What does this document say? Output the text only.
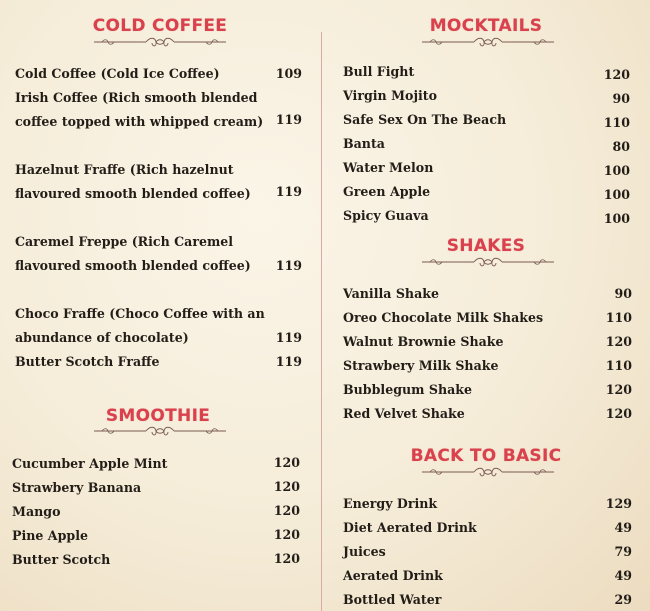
COLD COFFEE
Cold Coffee (Cold Ice Coffee)	109
Irish Coffee (Rich smooth blended
coffee topped with whipped cream) 119
Hazelnut Fraffe (Rich hazelnut
flavoured smooth blended coffee)	119
Caremel Freppe (Rich Caremel
flavoured smooth blended coffee)	119
Choco Fraffe (Choco Coffee with an
abundance of chocolate)	119
Butter Scotch Fraffe	119
SMOOTHIE
Cucumber Apple Mint	120
Strawbery Banana	120
Mango	120
Pine Apple	120
Butter Scotch	120
MOCKTAILS
Bull Fight	120
Virgin Mojito	90
Safe Sex On The Beach	110
Banta	80
Water Melon	100
Green Apple	100
Spicy Guava	100
SHAKES
Vanilla Shake	90
Oreo Chocolate Milk Shakes	110
Walnut Brownie Shake	120
Strawbery Milk Shake	110
Bubblegum Shake	120
Red Velvet Shake	120
BACK TO BASIC
Energy Drink	129
Diet Aerated Drink	49
Juices	79
Aerated Drink	49
Bottled Water	29
